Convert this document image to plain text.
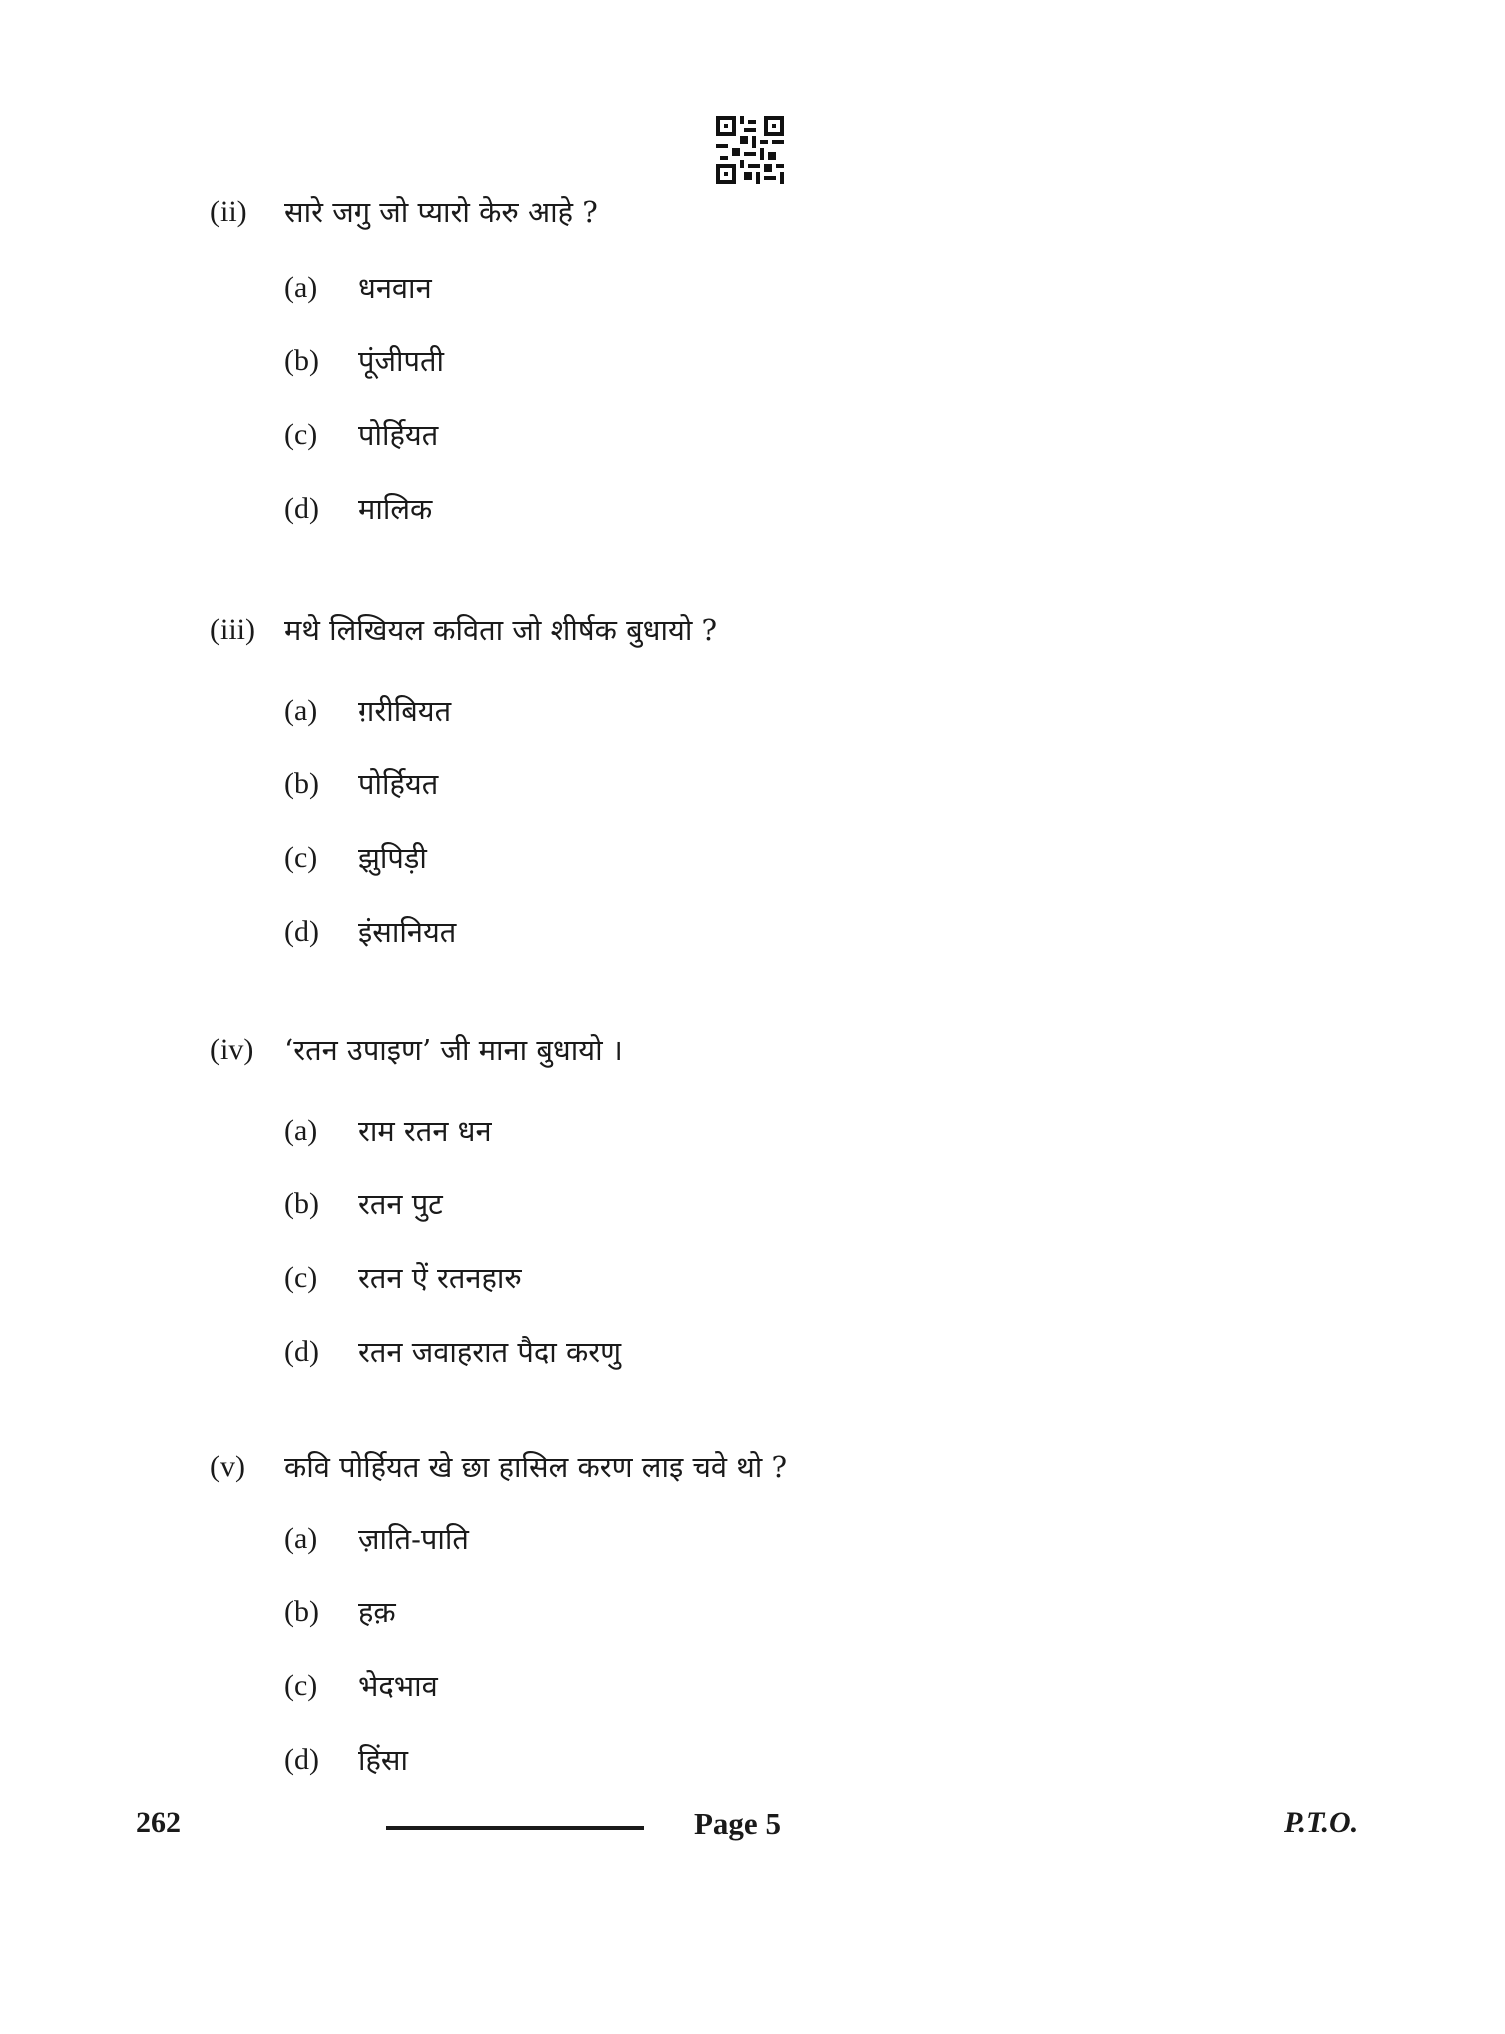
(ii) सारे जगु जो प्यारो केरु आहे ?
(a) धनवान
(b) पूंजीपती
(c) पोर्हियत
(d) मालिक
(iii) मथे लिखियल कविता जो शीर्षक बुधायो ?
(a) ग़रीबियत
(b) पोर्हियत
(c) झुपिड़ी
(d) इंसानियत
(iv) ‘रतन उपाइण’ जी माना बुधायो ।
(a) राम रतन धन
(b) रतन पुट
(c) रतन ऐं रतनहारु
(d) रतन जवाहरात पैदा करणु
(v) कवि पोर्हियत खे छा हासिल करण लाइ चवे थो ?
(a) ज़ाति-पाति
(b) हक़
(c) भेदभाव
(d) हिंसा
262	Page 5	P.T.O.
